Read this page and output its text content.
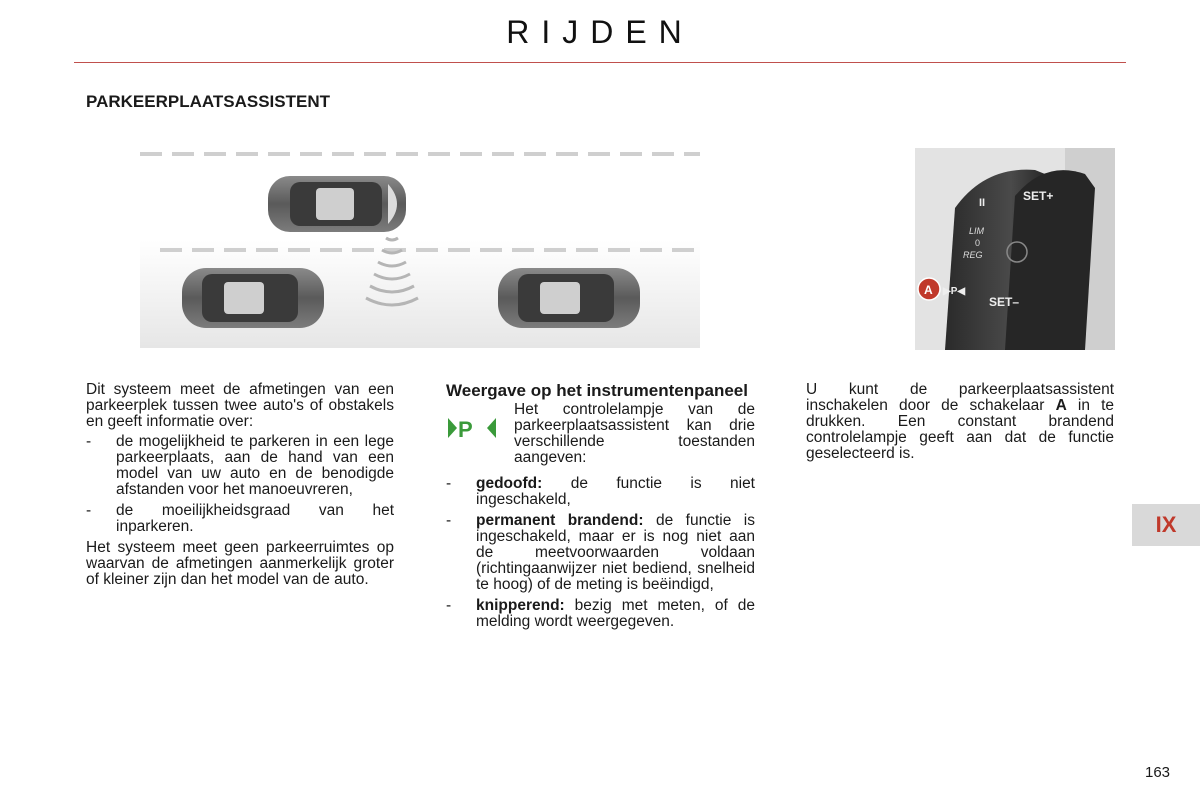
RIJDEN
PARKEERPLAATSASSISTENT
II	SET+
LIM
0
REG
▶P◀
SET–
A

Dit systeem meet de afmetingen van een parkeerplek tussen twee auto's of obstakels en geeft informatie over:

- de mogelijkheid te parkeren in een lege parkeerplaats, aan de hand van een model van uw auto en de benodigde afstanden voor het manoeuvreren,
- de moeilijkheidsgraad van het inparkeren.

Het systeem meet geen parkeerruimtes op waarvan de afmetingen aanmerkelijk groter of kleiner zijn dan het model van de auto.

Weergave op het instrumentenpaneel
P

Het controlelampje van de parkeerplaatsassistent kan drie verschillende toestanden aangeven:

- gedoofd: de functie is niet ingeschakeld,
- permanent brandend: de functie is ingeschakeld, maar er is nog niet aan de meetvoorwaarden voldaan (richtingaanwijzer niet bediend, snelheid te hoog) of de meting is beëindigd,
- knipperend: bezig met meten, of de melding wordt weergegeven.

U kunt de parkeerplaatsassistent inschakelen door de schakelaar A in te drukken. Een constant brandend controlelampje geeft aan dat de functie geselecteerd is.

IX
163
